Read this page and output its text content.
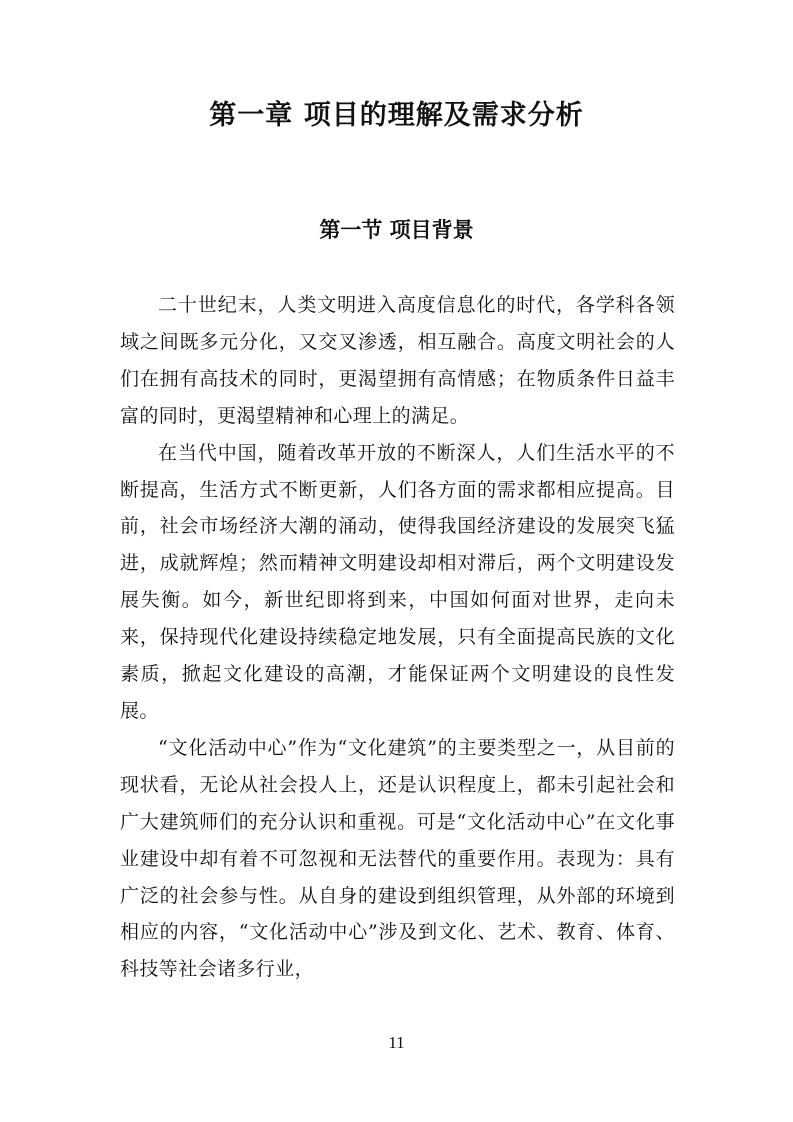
第一章 项目的理解及需求分析
第一节 项目背景

二十世纪末，人类文明进入高度信息化的时代，各学科各领域之间既多元分化，又交叉渗透，相互融合。高度文明社会的人们在拥有高技术的同时，更渴望拥有高情感；在物质条件日益丰富的同时，更渴望精神和心理上的满足。

在当代中国，随着改革开放的不断深人，人们生活水平的不断提高，生活方式不断更新，人们各方面的需求都相应提高。目前，社会市场经济大潮的涌动，使得我国经济建设的发展突飞猛进，成就辉煌；然而精神文明建设却相对滞后，两个文明建设发展失衡。如今，新世纪即将到来，中国如何面对世界，走向未来，保持现代化建设持续稳定地发展，只有全面提高民族的文化素质，掀起文化建设的高潮，才能保证两个文明建设的良性发展。

“文化活动中心”作为“文化建筑”的主要类型之一，从目前的现状看，无论从社会投人上，还是认识程度上，都未引起社会和广大建筑师们的充分认识和重视。可是“文化活动中心”在文化事业建设中却有着不可忽视和无法替代的重要作用。表现为：具有广泛的社会参与性。从自身的建设到组织管理，从外部的环境到相应的内容，“文化活动中心”涉及到文化、艺术、教育、体育、科技等社会诸多行业，

11
